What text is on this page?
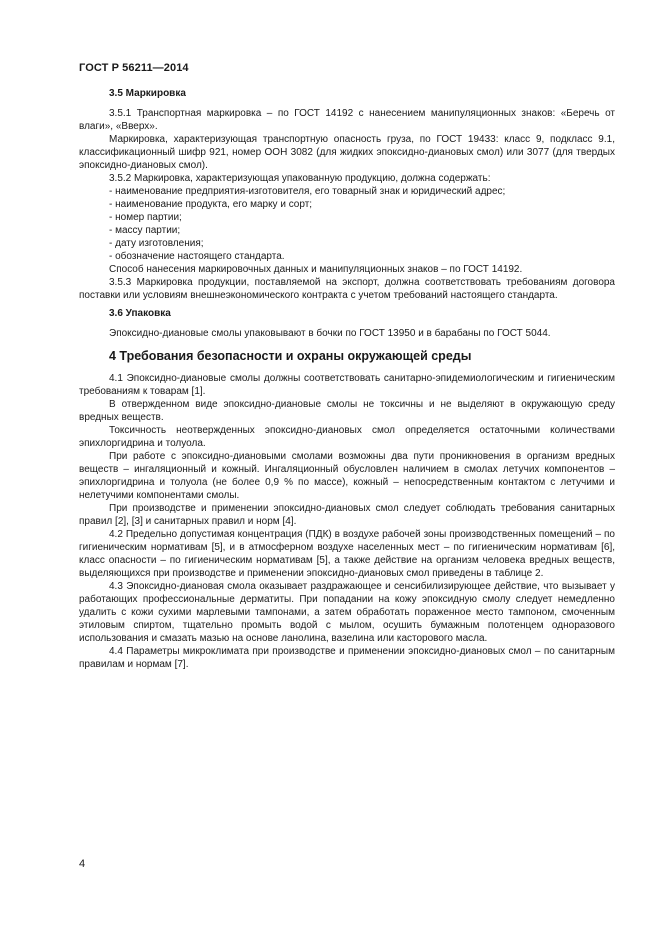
ГОСТ Р 56211—2014
3.5 Маркировка

3.5.1 Транспортная маркировка – по ГОСТ 14192 с нанесением манипуляционных знаков: «Беречь от влаги», «Вверх».

Маркировка, характеризующая транспортную опасность груза, по ГОСТ 19433: класс 9, подкласс 9.1, классификационный шифр 921, номер ООН 3082 (для жидких эпоксидно-диановых смол) или 3077 (для твердых эпоксидно-диановых смол).

3.5.2 Маркировка, характеризующая упакованную продукцию, должна содержать:

- наименование предприятия-изготовителя, его товарный знак и юридический адрес;

- наименование продукта, его марку и сорт;

- номер партии;

- массу партии;

- дату изготовления;

- обозначение настоящего стандарта.

Способ нанесения маркировочных данных и манипуляционных знаков – по ГОСТ 14192.

3.5.3 Маркировка продукции, поставляемой на экспорт, должна соответствовать требованиям договора поставки или условиям внешнеэкономического контракта с учетом требований настоящего стандарта.

3.6 Упаковка

Эпоксидно-диановые смолы упаковывают в бочки по ГОСТ 13950 и в барабаны по ГОСТ 5044.

4 Требования безопасности и охраны окружающей среды

4.1 Эпоксидно-диановые смолы должны соответствовать санитарно-эпидемиологическим и гигиеническим требованиям к товарам [1].

В отвержденном виде эпоксидно-диановые смолы не токсичны и не выделяют в окружающую среду вредных веществ.

Токсичность неотвержденных эпоксидно-диановых смол определяется остаточными количествами эпихлоргидрина и толуола.

При работе с эпоксидно-диановыми смолами возможны два пути проникновения в организм вредных веществ – ингаляционный и кожный. Ингаляционный обусловлен наличием в смолах летучих компонентов – эпихлоргидрина и толуола (не более 0,9 % по массе), кожный – непосредственным контактом с летучими и нелетучими компонентами смолы.

При производстве и применении эпоксидно-диановых смол следует соблюдать требования санитарных правил [2], [3] и санитарных правил и норм [4].

4.2 Предельно допустимая концентрация (ПДК) в воздухе рабочей зоны производственных помещений – по гигиеническим нормативам [5], и в атмосферном воздухе населенных мест – по гигиеническим нормативам [6], класс опасности – по гигиеническим нормативам [5], а также действие на организм человека вредных веществ, выделяющихся при производстве и применении эпоксидно-диановых смол приведены в таблице 2.

4.3 Эпоксидно-диановая смола оказывает раздражающее и сенсибилизирующее действие, что вызывает у работающих профессиональные дерматиты. При попадании на кожу эпоксидную смолу следует немедленно удалить с кожи сухими марлевыми тампонами, а затем обработать пораженное место тампоном, смоченным этиловым спиртом, тщательно промыть водой с мылом, осушить бумажным полотенцем одноразового использования и смазать мазью на основе ланолина, вазелина или касторового масла.

4.4 Параметры микроклимата при производстве и применении эпоксидно-диановых смол – по санитарным правилам и нормам [7].

4
